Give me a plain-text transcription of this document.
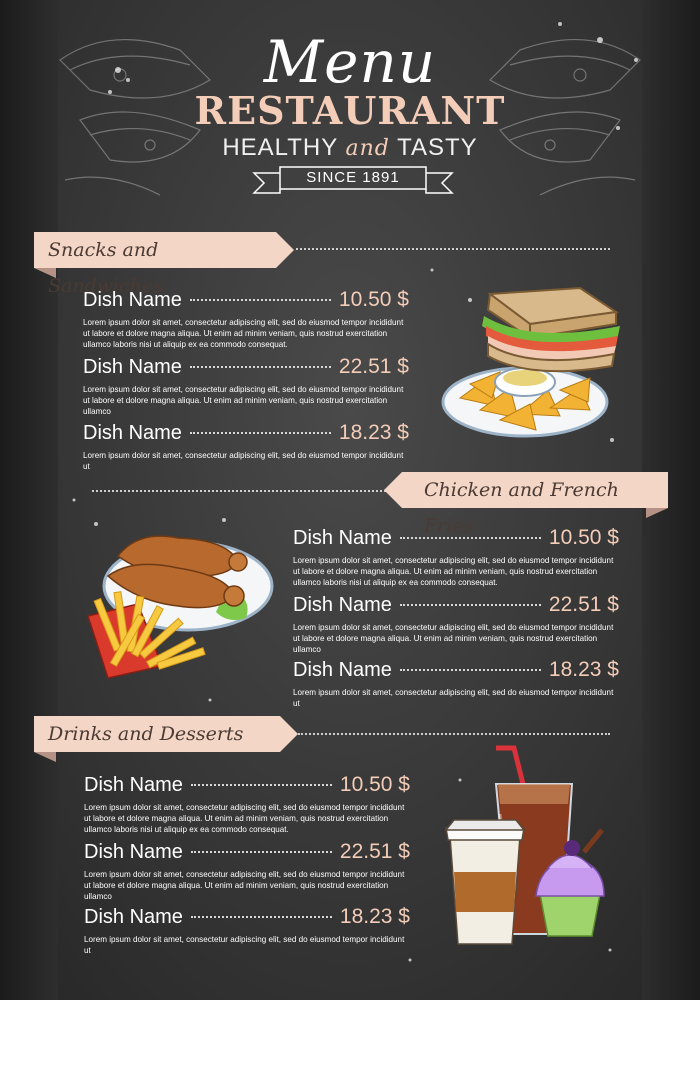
Menu
RESTAURANT
HEALTHY and TASTY
SINCE 1891
Snacks and Sandwiches
Dish Name	10.50 $
Lorem ipsum dolor sit amet, consectetur adipiscing elit, sed do eiusmod tempor incididunt ut labore et dolore magna aliqua. Ut enim ad minim veniam, quis nostrud exercitation ullamco laboris nisi ut aliquip ex ea commodo consequat.
Dish Name	22.51 $
Lorem ipsum dolor sit amet, consectetur adipiscing elit, sed do eiusmod tempor incididunt ut labore et dolore magna aliqua. Ut enim ad minim veniam, quis nostrud exercitation ullamco
Dish Name	18.23 $
Lorem ipsum dolor sit amet, consectetur adipiscing elit, sed do eiusmod tempor incididunt ut
Chicken and French Fries
Dish Name	10.50 $
Lorem ipsum dolor sit amet, consectetur adipiscing elit, sed do eiusmod tempor incididunt ut labore et dolore magna aliqua. Ut enim ad minim veniam, quis nostrud exercitation ullamco laboris nisi ut aliquip ex ea commodo consequat.
Dish Name	22.51 $
Lorem ipsum dolor sit amet, consectetur adipiscing elit, sed do eiusmod tempor incididunt ut labore et dolore magna aliqua. Ut enim ad minim veniam, quis nostrud exercitation ullamco
Dish Name	18.23 $
Lorem ipsum dolor sit amet, consectetur adipiscing elit, sed do eiusmod tempor incididunt ut
Drinks and Desserts
Dish Name	10.50 $
Lorem ipsum dolor sit amet, consectetur adipiscing elit, sed do eiusmod tempor incididunt ut labore et dolore magna aliqua. Ut enim ad minim veniam, quis nostrud exercitation ullamco laboris nisi ut aliquip ex ea commodo consequat.
Dish Name	22.51 $
Lorem ipsum dolor sit amet, consectetur adipiscing elit, sed do eiusmod tempor incididunt ut labore et dolore magna aliqua. Ut enim ad minim veniam, quis nostrud exercitation ullamco
Dish Name	18.23 $
Lorem ipsum dolor sit amet, consectetur adipiscing elit, sed do eiusmod tempor incididunt ut
